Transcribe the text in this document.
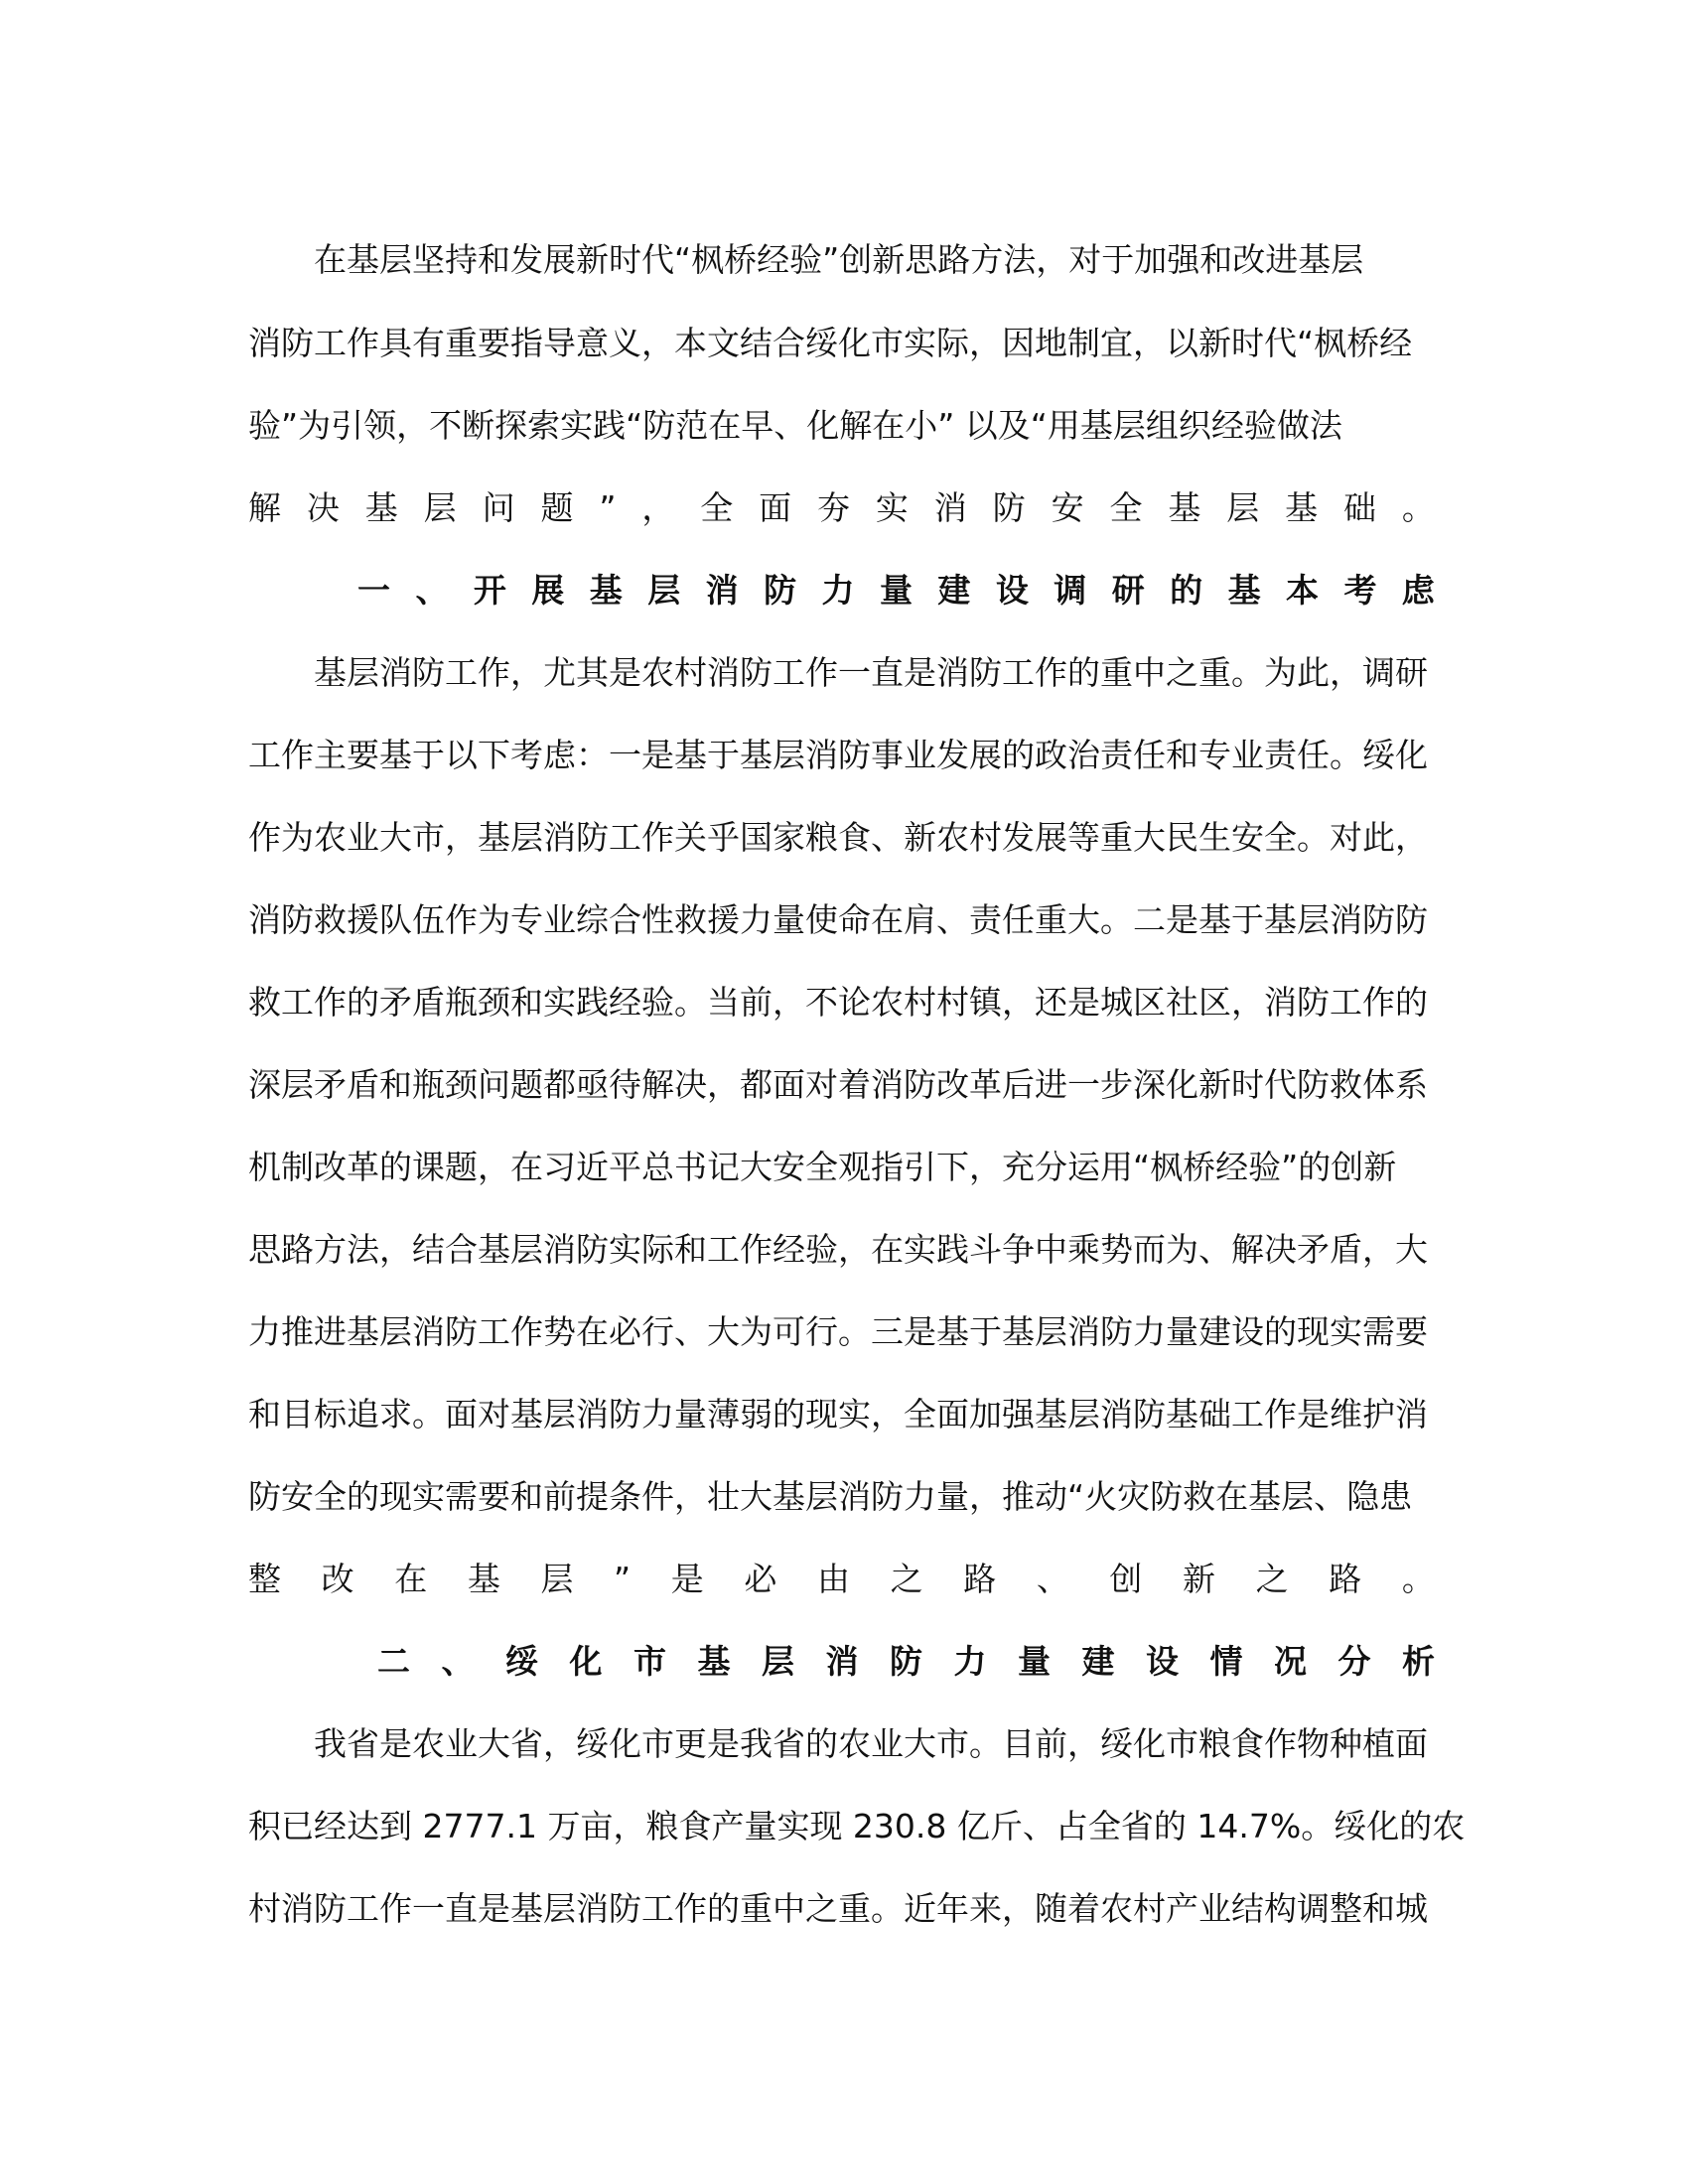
在基层坚持和发展新时代“枫桥经验”创新思路方法，对于加强和改进基层

消防工作具有重要指导意义，本文结合绥化市实际，因地制宜，以新时代“枫桥经

验”为引领，不断探索实践“防范在早、化解在小” 以及“用基层组织经验做法

解 决 基 层 问 题 ” ， 全 面 夯 实 消 防 安 全 基 层 基 础 。

一 、 开 展 基 层 消 防 力 量 建 设 调 研 的 基 本 考 虑

基层消防工作，尤其是农村消防工作一直是消防工作的重中之重。为此，调研

工作主要基于以下考虑：一是基于基层消防事业发展的政治责任和专业责任。绥化

作为农业大市，基层消防工作关乎国家粮食、新农村发展等重大民生安全。对此，

消防救援队伍作为专业综合性救援力量使命在肩、责任重大。二是基于基层消防防

救工作的矛盾瓶颈和实践经验。当前，不论农村村镇，还是城区社区，消防工作的

深层矛盾和瓶颈问题都亟待解决，都面对着消防改革后进一步深化新时代防救体系

机制改革的课题，在习近平总书记大安全观指引下，充分运用“枫桥经验”的创新

思路方法，结合基层消防实际和工作经验，在实践斗争中乘势而为、解决矛盾，大

力推进基层消防工作势在必行、大为可行。三是基于基层消防力量建设的现实需要

和目标追求。面对基层消防力量薄弱的现实，全面加强基层消防基础工作是维护消

防安全的现实需要和前提条件，壮大基层消防力量，推动“火灾防救在基层、隐患

整 改 在 基 层 ” 是 必 由 之 路 、 创 新 之 路 。

二 、 绥 化 市 基 层 消 防 力 量 建 设 情 况 分 析

我省是农业大省，绥化市更是我省的农业大市。目前，绥化市粮食作物种植面

积已经达到 2777.1 万亩，粮食产量实现 230.8 亿斤、占全省的 14.7%。绥化的农

村消防工作一直是基层消防工作的重中之重。近年来，随着农村产业结构调整和城
